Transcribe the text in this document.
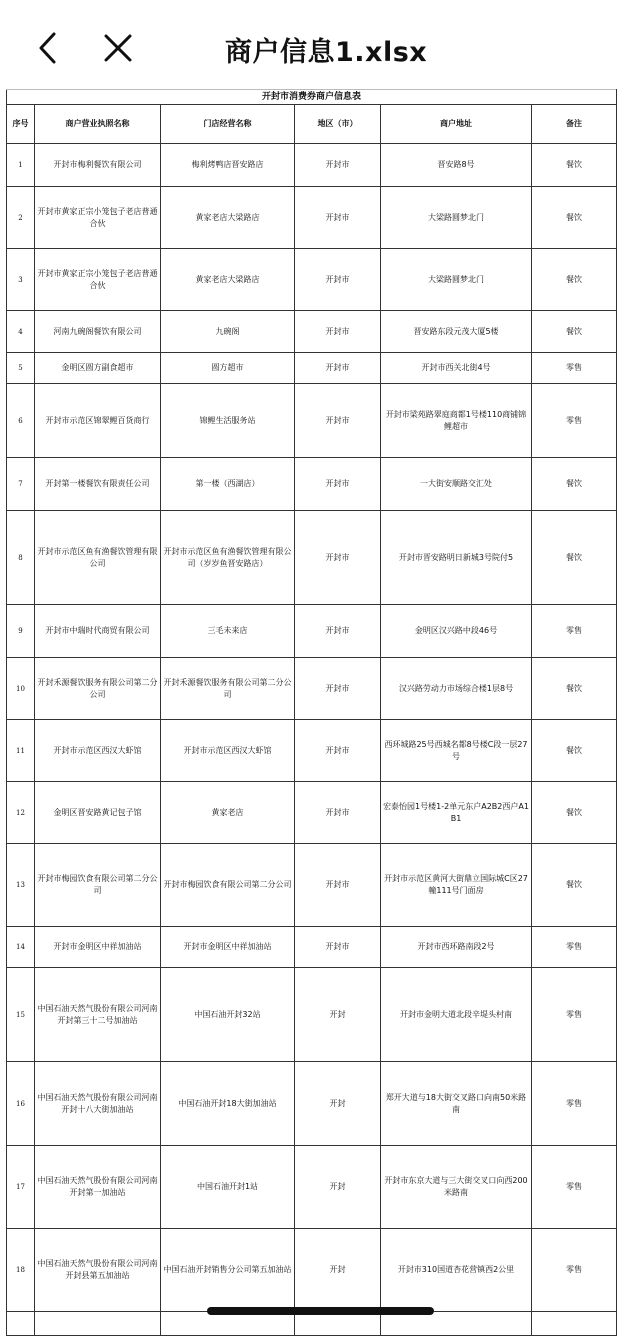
商户信息1.xlsx
开封市消费券商户信息表					
序号	商户营业执照名称	门店经营名称	地区（市）	商户地址	备注
1	开封市梅利餐饮有限公司	梅利烤鸭店晋安路店	开封市	晋安路8号	餐饮
2	开封市黄家正宗小笼包子老店普通合伙	黄家老店大梁路店	开封市	大梁路圆梦北门	餐饮
3	开封市黄家正宗小笼包子老店普通合伙	黄家老店大梁路店	开封市	大梁路圆梦北门	餐饮
4	河南九碗阁餐饮有限公司	九碗阁	开封市	晋安路东段元茂大厦5楼	餐饮
5	金明区圆方副食超市	圆方超市	开封市	开封市西关北街4号	零售
6	开封市示范区锦翠鲤百货商行	锦鲤生活服务站	开封市	开封市梁苑路翠庭商都1号楼110商铺锦鲤超市	零售
7	开封第一楼餐饮有限责任公司	第一楼（西湖店）	开封市	一大街安顺路交汇处	餐饮
8	开封市示范区鱼有渔餐饮管理有限公司	开封市示范区鱼有渔餐饮管理有限公司（岁岁鱼晋安路店）	开封市	开封市晋安路明日新城3号院付5	餐饮
9	开封市中瑞时代商贸有限公司	三毛未来店	开封市	金明区汉兴路中段46号	零售
10	开封禾源餐饮服务有限公司第二分公司	开封禾源餐饮服务有限公司第二分公司	开封市	汉兴路劳动力市场综合楼1层8号	餐饮
11	开封市示范区西汉大虾馆	开封市示范区西汉大虾馆	开封市	西环城路25号西城名都8号楼C段一层27号	餐饮
12	金明区晋安路黄记包子馆	黄家老店	开封市	宏泰怡园1号楼1-2单元东户A2B2西户A1B1	餐饮
13	开封市梅园饮食有限公司第二分公司	开封市梅园饮食有限公司第二分公司	开封市	开封市示范区黄河大街鼎立国际城C区27幢111号门面房	餐饮
14	开封市金明区中祥加油站	开封市金明区中祥加油站	开封市	开封市西环路南段2号	零售
15	中国石油天然气股份有限公司河南开封第三十二号加油站	中国石油开封32站	开封	开封市金明大道北段辛堤头村南	零售
16	中国石油天然气股份有限公司河南开封十八大街加油站	中国石油开封18大街加油站	开封	郑开大道与18大街交叉路口向南50米路南	零售
17	中国石油天然气股份有限公司河南开封第一加油站	中国石油开封1站	开封	开封市东京大道与三大街交叉口向西200米路南	零售
18	中国石油天然气股份有限公司河南开封县第五加油站	中国石油开封销售分公司第五加油站	开封	开封市310国道杏花营镇西2公里	零售
